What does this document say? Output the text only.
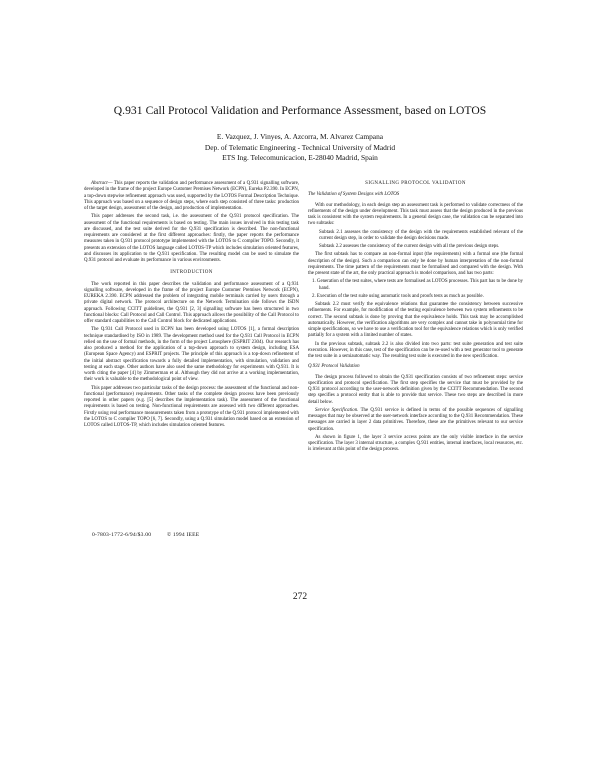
Q.931 Call Protocol Validation and Performance Assessment, based on LOTOS
E. Vazquez, J. Vinyes, A. Azcorra, M. Alvarez Campana
Dep. of Telematic Engineering - Technical University of Madrid
ETS Ing. Telecomunicacion, E-28040 Madrid, Spain

Abstract— This paper reports the validation and performance assessment of a Q.931 signalling software, developed in the frame of the project Europe Customer Premises Network (ECPN), Eureka P2.390. In ECPN, a top-down stepwise refinement approach was used, supported by the LOTOS Formal Description Technique. This approach was based on a sequence of design steps, where each step consisted of three tasks: production of the target design, assessment of the design, and production of implementation.

This paper addresses the second task, i.e. the assessment of the Q.931 protocol specification. The assessment of the functional requirements is based on testing. The main issues involved in this testing task are discussed, and the test suite derived for the Q.931 specification is described. The non-functional requirements are considered at the first different approaches: firstly, the paper reports the performance measures taken in Q.931 protocol prototype implemented with the LOTOS to C compiler TOPO. Secondly, it presents an extension of the LOTOS language called LOTOS-TP which includes simulation oriented features, and discusses its application to the Q.931 specification. The resulting model can be used to simulate the Q.931 protocol and evaluate its performance in various environments.

INTRODUCTION

The work reported in this paper describes the validation and performance assessment of a Q.931 signalling software, developed in the frame of the project Europe Customer Premises Network (ECPN), EUREKA 2.390. ECPN addressed the problem of integrating mobile terminals carried by users through a private digital network. The protocol architecture on the Network Termination side follows the ISDN approach. Following CCITT guidelines, the Q.931 [2, 3] signalling software has been structured in two functional blocks: Call Protocol and Call Control. This approach allows the possibility of the Call Protocol to offer standard capabilities to the Call Control block for dedicated applications.

The Q.931 Call Protocol used in ECPN has been developed using LOTOS [1], a formal description technique standardised by ISO in 1989. The development method used for the Q.931 Call Protocol in ECPN relied on the use of formal methods, in the form of the project Lotosphere (ESPRIT 2304). Our research has also produced a method for the application of a top-down approach to system design, including ESA (European Space Agency) and ESPRIT projects. The principle of this approach is a top-down refinement of the initial abstract specification towards a fully detailed implementation, with simulation, validation and testing at each stage. Other authors have also used the same methodology for experiments with Q.931. It is worth citing the paper [4] by Zimmerman et al. Although they did not arrive at a working implementation, their work is valuable to the methodological point of view.

This paper addresses two particular tasks of the design process: the assessment of the functional and non-functional (performance) requirements. Other tasks of the complete design process have been previously reported in other papers (e.g. [5] describes the implementation task). The assessment of the functional requirements is based on testing. Non-functional requirements are assessed with two different approaches. Firstly using real performance measurements taken from a prototype of the Q.931 protocol implemented with the LOTOS to C compiler TOPO [6, 7]. Secondly, using a Q.931 simulation model based on an extension of LOTOS called LOTOS-TP, which includes simulation oriented features.

SIGNALLING PROTOCOL VALIDATION
The Validation of System Designs with LOTOS

With our methodology, in each design step an assessment task is performed to validate correctness of the refinements of the design under development. This task must assess that the design produced in the previous task is consistent with the system requirements. In a general design case, the validation can be separated into two subtasks:

Subtask 2.1 assesses the consistency of the design with the requirements established relevant of the current design step, in order to validate the design decisions made.

Subtask 2.2 assesses the consistency of the current design with all the previous design steps.

The first subtask has to compare an non-formal input (the requirements) with a formal one (the formal description of the design). Such a comparison can only be done by human interpretation of the non-formal requirements. The time pattern of the requirements must be formalised and compared with the design. With the present state of the art, the only practical approach is model comparison, and has two parts:

1. Generation of the test suites, where tests are formalised as LOTOS processes. This part has to be done by hand.

2. Execution of the test suite using automatic tools and proofs tests as much as possible.

Subtask 2.2 must verify the equivalence relations that guarantee the consistency between successive refinements. For example, for modification of the testing equivalence between two system refinements to be correct. The second subtask is done by proving that the equivalence holds. This task may be accomplished automatically. However, the verification algorithms are very complex and cannot take in polynomial time for simple specifications, so we have to use a verification tool for the equivalence relations which is only verified partially for a system with a limited number of states.

In the previous subtask, subtask 2.2 is also divided into two parts: test suite generation and test suite execution. However, in this case, test of the specification can be re-used with a test generator tool to generate the test suite in a semiautomatic way. The resulting test suite is executed in the new specification.

Q.931 Protocol Validation

The design process followed to obtain the Q.931 specification consists of two refinement steps: service specification and protocol specification. The first step specifies the service that must be provided by the Q.931 protocol according to the user-network definition given by the CCITT Recommendation. The second step specifies a protocol entity that is able to provide that service. These two steps are described in more detail below.

Service Specification. The Q.931 service is defined in terms of the possible sequences of signalling messages that may be observed at the user-network interface according to the Q.931 Recommendation. These messages are carried in layer 2 data primitives. Therefore, these are the primitives relevant to our service specification.

As shown in figure 1, the layer 3 service access points are the only visible interface in the service specification. The layer 3 internal structure, a complex Q.931 entities, internal interfaces, local resources, etc. is irrelevant at this point of the design process.

0-7803-1772-6/94/$3.00	© 1994 IEEE
272
